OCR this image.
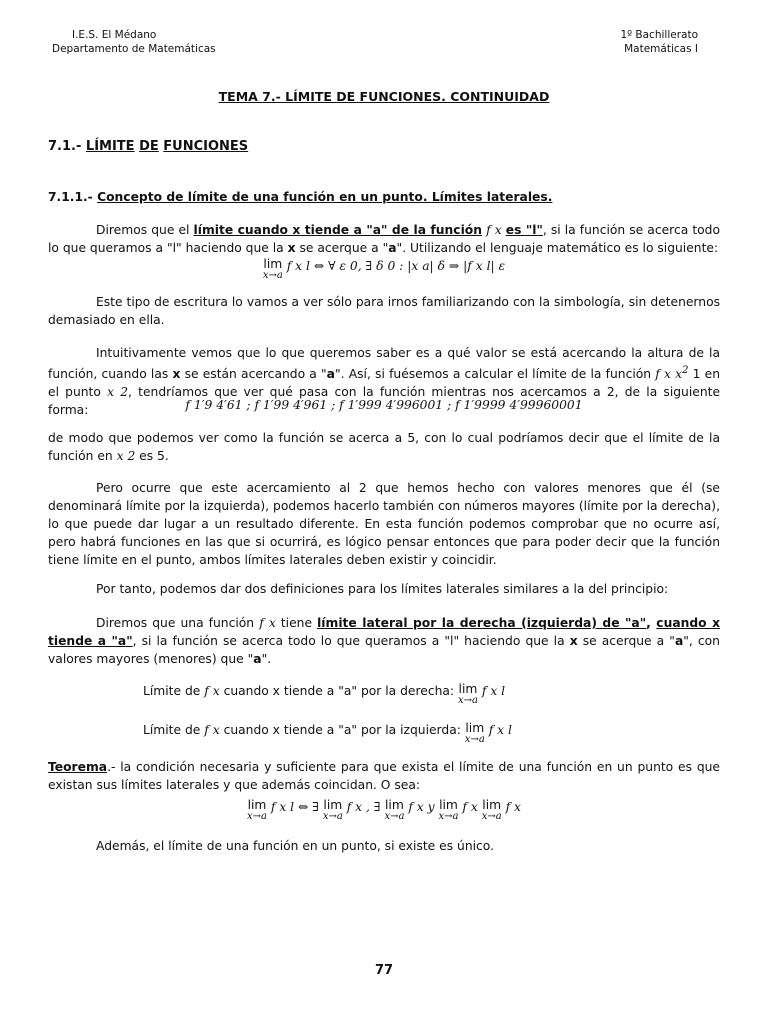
I.E.S. El Médano
Departamento de Matemáticas
1º Bachillerato
Matemáticas I
TEMA 7.- LÍMITE DE FUNCIONES. CONTINUIDAD
7.1.- LÍMITE DE FUNCIONES
7.1.1.- Concepto de límite de una función en un punto. Límites laterales.
Diremos que el límite cuando x tiende a "a" de la función f x es "l", si la función se acerca todo lo que queramos a "l" haciendo que la x se acerque a "a". Utilizando el lenguaje matemático es lo siguiente:
lim
x→a
f x l ⇔ ∀ ε 0, ∃ δ 0 : |x a| δ ⇒ |f x l| ε
Este tipo de escritura lo vamos a ver sólo para irnos familiarizando con la simbología, sin detenernos demasiado en ella.
Intuitivamente vemos que lo que queremos saber es a qué valor se está acercando la altura de la función, cuando las x se están acercando a "a". Así, si fuésemos a calcular el límite de la función f x $x^2$ 1 en el punto x 2, tendríamos que ver qué pasa con la función mientras nos acercamos a 2, de la siguiente forma:	f 1′9 4′61 ; f 1′99 4′961 ; f 1′999 4′996001 ; f 1′9999 4′99960001
de modo que podemos ver como la función se acerca a 5, con lo cual podríamos decir que el límite de la función en x 2 es 5.
Pero ocurre que este acercamiento al 2 que hemos hecho con valores menores que él (se denominará límite por la izquierda), podemos hacerlo también con números mayores (límite por la derecha), lo que puede dar lugar a un resultado diferente. En esta función podemos comprobar que no ocurre así, pero habrá funciones en las que si ocurrirá, es lógico pensar entonces que para poder decir que la función tiene límite en el punto, ambos límites laterales deben existir y coincidir.
Por tanto, podemos dar dos definiciones para los límites laterales similares a la del principio:
Diremos que una función f x tiene límite lateral por la derecha (izquierda) de "a", cuando x tiende a "a", si la función se acerca todo lo que queramos a "l" haciendo que la x se acerque a "a", con valores mayores (menores) que "a".
Límite de f x cuando x tiende a "a" por la derecha: lim
x→a
f x l
Límite de f x cuando x tiende a "a" por la izquierda: lim
x→a
f x l
Teorema.- la condición necesaria y suficiente para que exista el límite de una función en un punto es que existan sus límites laterales y que además coincidan. O sea:
lim
x→a
f x l ⇔ ∃ lim
x→a
f x , ∃ lim
x→a
f x y lim
x→a
f x lim
x→a
f x
Además, el límite de una función en un punto, si existe es único.
77
